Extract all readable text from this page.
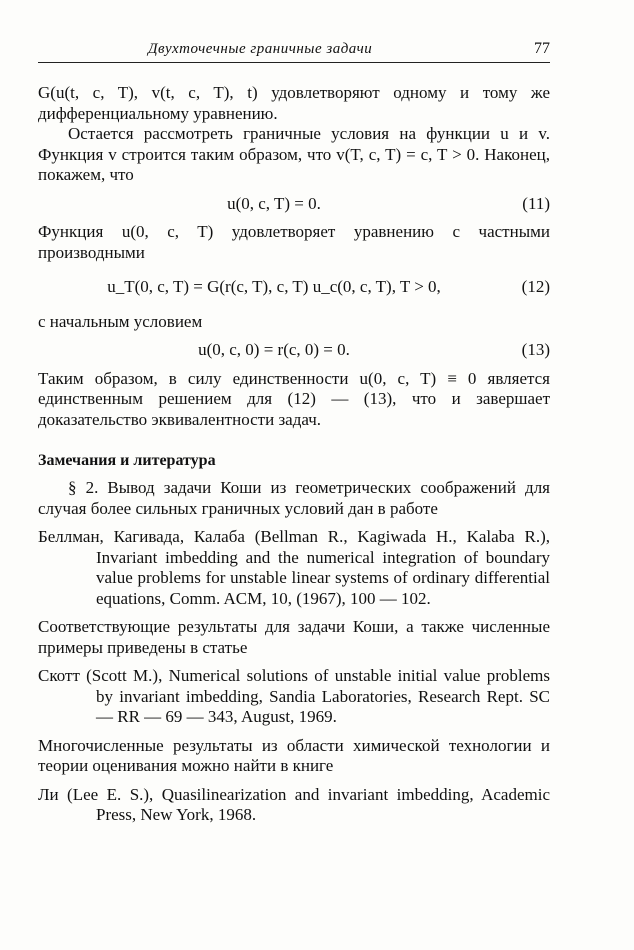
Двухточечные граничные задачи	77

G(u(t, c, T), v(t, c, T), t) удовлетворяют одному и тому же дифференциальному уравнению.

Остается рассмотреть граничные условия на функции u и v. Функция v строится таким образом, что v(T, c, T) = c, T > 0. Наконец, покажем, что

u(0, c, T) = 0.	(11)

Функция u(0, c, T) удовлетворяет уравнению с частными производными

u_T(0, c, T) = G(r(c, T), c, T) u_c(0, c, T), T > 0,	(12)

с начальным условием

u(0, c, 0) = r(c, 0) = 0.	(13)

Таким образом, в силу единственности u(0, c, T) ≡ 0 является единственным решением для (12) — (13), что и завершает доказательство эквивалентности задач.

Замечания и литература

§ 2. Вывод задачи Коши из геометрических соображений для случая более сильных граничных условий дан в работе

Беллман, Кагивада, Калаба (Bellman R., Kagiwada H., Kalaba R.), Invariant imbedding and the numerical integration of boundary value problems for unstable linear systems of ordinary differential equations, Comm. ACM, 10, (1967), 100 — 102.

Соответствующие результаты для задачи Коши, а также численные примеры приведены в статье

Скотт (Scott M.), Numerical solutions of unstable initial value problems by invariant imbedding, Sandia Laboratories, Research Rept. SC — RR — 69 — 343, August, 1969.

Многочисленные результаты из области химической технологии и теории оценивания можно найти в книге

Ли (Lee E. S.), Quasilinearization and invariant imbedding, Academic Press, New York, 1968.
